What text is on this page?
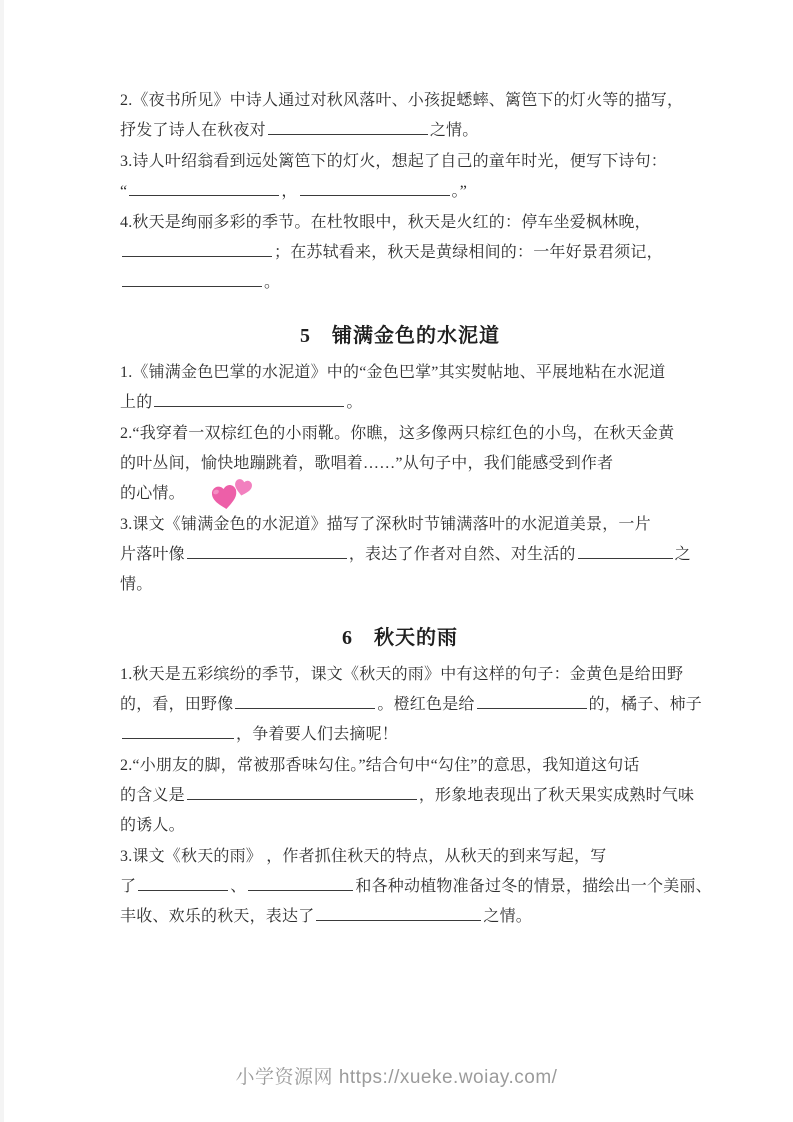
2.《夜书所见》中诗人通过对秋风落叶、小孩捉蟋蟀、篱笆下的灯火等的描写，
抒发了诗人在秋夜对	之情。
3.诗人叶绍翁看到远处篱笆下的灯火，想起了自己的童年时光，便写下诗句：
“	，	。”
4.秋天是绚丽多彩的季节。在杜牧眼中，秋天是火红的：停车坐爱枫林晚，
；在苏轼看来，秋天是黄绿相间的：一年好景君须记，
。
5　铺满金色的水泥道
1.《铺满金色巴掌的水泥道》中的“金色巴掌”其实熨帖地、平展地粘在水泥道
上的	。
2.“我穿着一双棕红色的小雨靴。你瞧，这多像两只棕红色的小鸟，在秋天金黄
的叶丛间，愉快地蹦跳着，歌唱着……”从句子中，我们能感受到作者
的心情。
3.课文《铺满金色的水泥道》描写了深秋时节铺满落叶的水泥道美景，一片
片落叶像	，表达了作者对自然、对生活的	之
情。
6　秋天的雨
1.秋天是五彩缤纷的季节，课文《秋天的雨》中有这样的句子：金黄色是给田野
的，看，田野像	。橙红色是给	的，橘子、柿子
，争着要人们去摘呢！
2.“小朋友的脚，常被那香味勾住。”结合句中“勾住”的意思，我知道这句话
的含义是	，形象地表现出了秋天果实成熟时气味
的诱人。
3.课文《秋天的雨》 ，作者抓住秋天的特点，从秋天的到来写起，写
了	、	和各种动植物准备过冬的情景，描绘出一个美丽、
丰收、欢乐的秋天，表达了	之情。
小学资源网 https://xueke.woiay.com/
